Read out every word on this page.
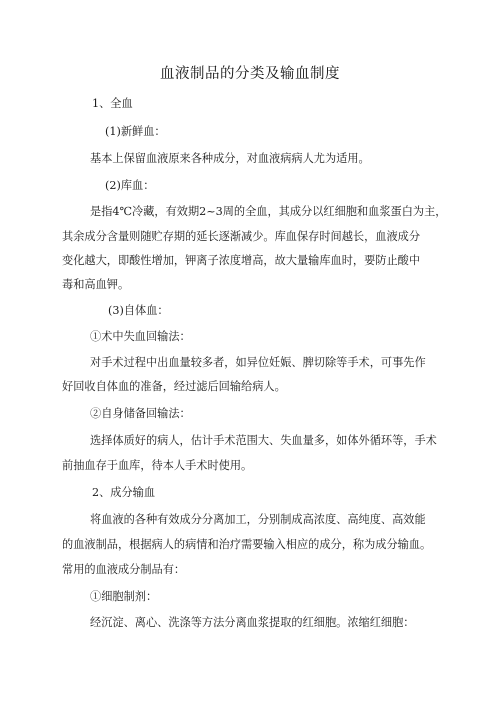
血液制品的分类及输血制度
1、全血
(1)新鲜血：
基本上保留血液原来各种成分，对血液病病人尤为适用。
(2)库血：
是指4℃冷藏，有效期2~3周的全血，其成分以红细胞和血浆蛋白为主，
其余成分含量则随贮存期的延长逐渐减少。库血保存时间越长，血液成分
变化越大，即酸性增加，钾离子浓度增高，故大量输库血时，要防止酸中
毒和高血钾。
(3)自体血：
①术中失血回输法：
对手术过程中出血量较多者，如异位妊娠、脾切除等手术，可事先作
好回收自体血的准备，经过滤后回输给病人。
②自身储备回输法：
选择体质好的病人，估计手术范围大、失血量多，如体外循环等，手术
前抽血存于血库，待本人手术时使用。
2、成分输血
将血液的各种有效成分分离加工，分别制成高浓度、高纯度、高效能
的血液制品，根据病人的病情和治疗需要输入相应的成分，称为成分输血。
常用的血液成分制品有：
①细胞制剂：
经沉淀、离心、洗涤等方法分离血浆提取的红细胞。浓缩红细胞：
